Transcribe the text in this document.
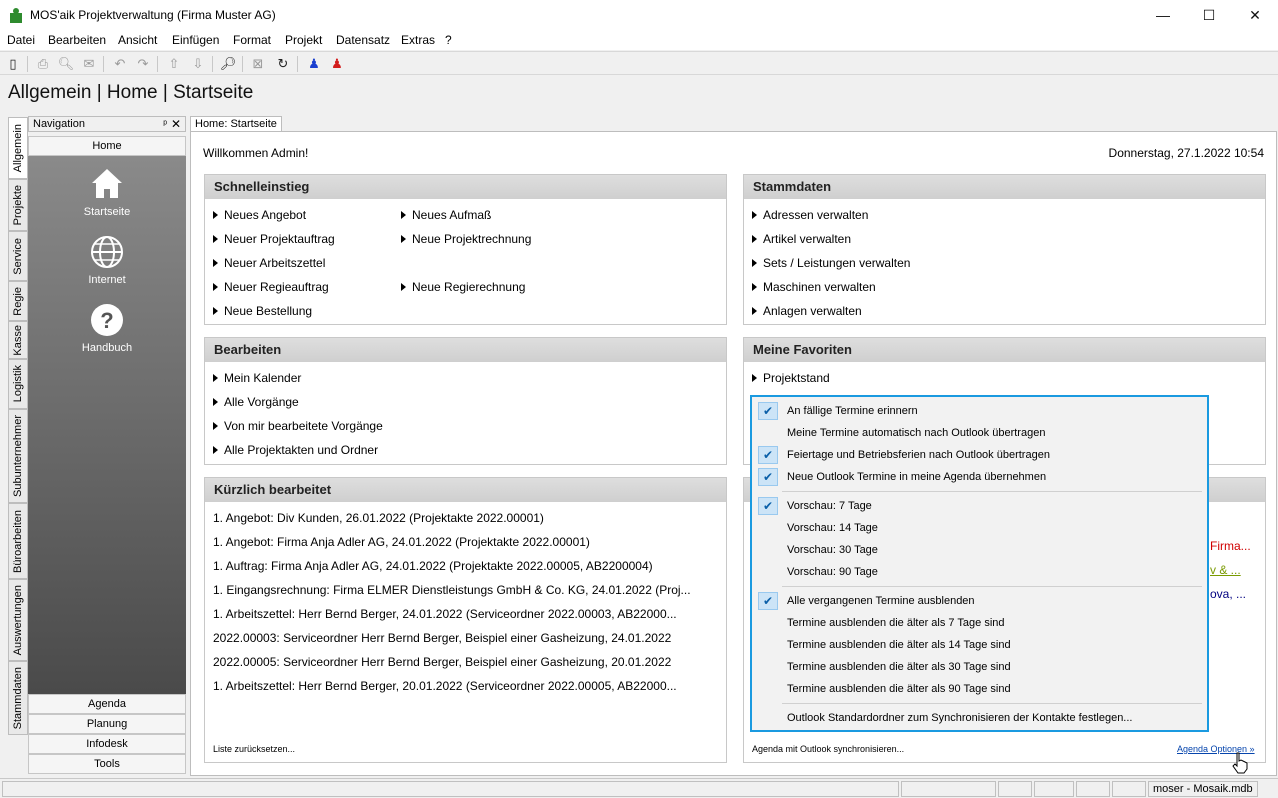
MOS'aik Projektverwaltung (Firma Muster AG)	—	☐	✕
Datei Bearbeiten Ansicht Einfügen Format Projekt Datensatz Extras ?
▯	⎙ 🔍︎ ✉ ↶ ↷ ⇧ ⇩ 🔎︎ ⊠ ↻ ♟ ♟
Allgemein | Home | Startseite
Allgemein
Projekte
Service
Regie
Kasse
Logistik
Subunternehmer
Büroarbeiten
Auswertungen
Stammdaten
Navigation	ᵖ ✕
Home
Startseite
Internet
?
Handbuch
Agenda
Planung
Infodesk
Tools
Home: Startseite
Willkommen Admin!	Donnerstag, 27.1.2022 10:54
Schnelleinstieg
Neues Angebot
Neuer Projektauftrag
Neuer Arbeitszettel
Neuer Regieauftrag
Neue Bestellung
Neues Aufmaß
Neue Projektrechnung
Neue Regierechnung
Stammdaten
Adressen verwalten
Artikel verwalten
Sets / Leistungen verwalten
Maschinen verwalten
Anlagen verwalten
Bearbeiten
Mein Kalender
Alle Vorgänge
Von mir bearbeitete Vorgänge
Alle Projektakten und Ordner
Meine Favoriten
Projektstand
Kürzlich bearbeitet
1. Angebot: Div Kunden, 26.01.2022 (Projektakte 2022.00001)
1. Angebot: Firma Anja Adler AG, 24.01.2022 (Projektakte 2022.00001)
1. Auftrag: Firma Anja Adler AG, 24.01.2022 (Projektakte 2022.00005, AB2200004)
1. Eingangsrechnung: Firma ELMER Dienstleistungs GmbH & Co. KG, 24.01.2022 (Proj...
1. Arbeitszettel: Herr Bernd Berger, 24.01.2022 (Serviceordner 2022.00003, AB22000...
2022.00003: Serviceordner Herr Bernd Berger, Beispiel einer Gasheizung, 24.01.2022
2022.00005: Serviceordner Herr Bernd Berger, Beispiel einer Gasheizung, 20.01.2022
1. Arbeitszettel: Herr Bernd Berger, 20.01.2022 (Serviceordner 2022.00005, AB22000...
Liste zurücksetzen...
Firma...
v & ...
ova, ...
Agenda mit Outlook synchronisieren...	Agenda Optionen »
✔	An fällige Termine erinnern
Meine Termine automatisch nach Outlook übertragen
✔	Feiertage und Betriebsferien nach Outlook übertragen
✔	Neue Outlook Termine in meine Agenda übernehmen
✔	Vorschau: 7 Tage
Vorschau: 14 Tage
Vorschau: 30 Tage
Vorschau: 90 Tage
✔	Alle vergangenen Termine ausblenden
Termine ausblenden die älter als 7 Tage sind
Termine ausblenden die älter als 14 Tage sind
Termine ausblenden die älter als 30 Tage sind
Termine ausblenden die älter als 90 Tage sind
Outlook Standardordner zum Synchronisieren der Kontakte festlegen...
moser - Mosaik.mdb
